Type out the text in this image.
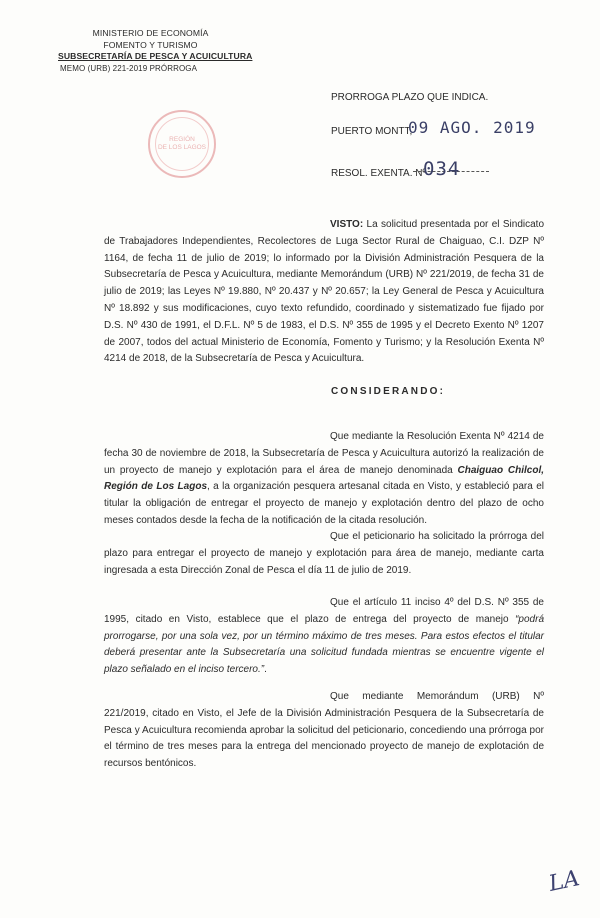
MINISTERIO DE ECONOMÍA
FOMENTO Y TURISMO
SUBSECRETARÍA DE PESCA Y ACUICULTURA
MEMO (URB) 221-2019 PRÓRROGA
REGIÓN
DE LOS LAGOS
PRORROGA PLAZO QUE INDICA.
PUERTO MONTT,
09 AGO. 2019
RESOL. EXENTA. Nº
034

VISTO: La solicitud presentada por el Sindicato de Trabajadores Independientes, Recolectores de Luga Sector Rural de Chaiguao, C.I. DZP Nº 1164, de fecha 11 de julio de 2019; lo informado por la División Administración Pesquera de la Subsecretaría de Pesca y Acuicultura, mediante Memorándum (URB) Nº 221/2019, de fecha 31 de julio de 2019; las Leyes Nº 19.880, Nº 20.437 y Nº 20.657; la Ley General de Pesca y Acuicultura Nº 18.892 y sus modificaciones, cuyo texto refundido, coordinado y sistematizado fue fijado por D.S. Nº 430 de 1991, el D.F.L. Nº 5 de 1983, el D.S. Nº 355 de 1995 y el Decreto Exento Nº 1207 de 2007, todos del actual Ministerio de Economía, Fomento y Turismo; y la Resolución Exenta Nº 4214 de 2018, de la Subsecretaría de Pesca y Acuicultura.

CONSIDERANDO:

Que mediante la Resolución Exenta Nº 4214 de fecha 30 de noviembre de 2018, la Subsecretaría de Pesca y Acuicultura autorizó la realización de un proyecto de manejo y explotación para el área de manejo denominada Chaiguao Chilcol, Región de Los Lagos, a la organización pesquera artesanal citada en Visto, y estableció para el titular la obligación de entregar el proyecto de manejo y explotación dentro del plazo de ocho meses contados desde la fecha de la notificación de la citada resolución.

Que el peticionario ha solicitado la prórroga del plazo para entregar el proyecto de manejo y explotación para área de manejo, mediante carta ingresada a esta Dirección Zonal de Pesca el día 11 de julio de 2019.

Que el artículo 11 inciso 4º del D.S. Nº 355 de 1995, citado en Visto, establece que el plazo de entrega del proyecto de manejo “podrá prorrogarse, por una sola vez, por un término máximo de tres meses. Para estos efectos el titular deberá presentar ante la Subsecretaría una solicitud fundada mientras se encuentre vigente el plazo señalado en el inciso tercero.”.

Que mediante Memorándum (URB) Nº 221/2019, citado en Visto, el Jefe de la División Administración Pesquera de la Subsecretaría de Pesca y Acuicultura recomienda aprobar la solicitud del peticionario, concediendo una prórroga por el término de tres meses para la entrega del mencionado proyecto de manejo de explotación de recursos bentónicos.

LA
